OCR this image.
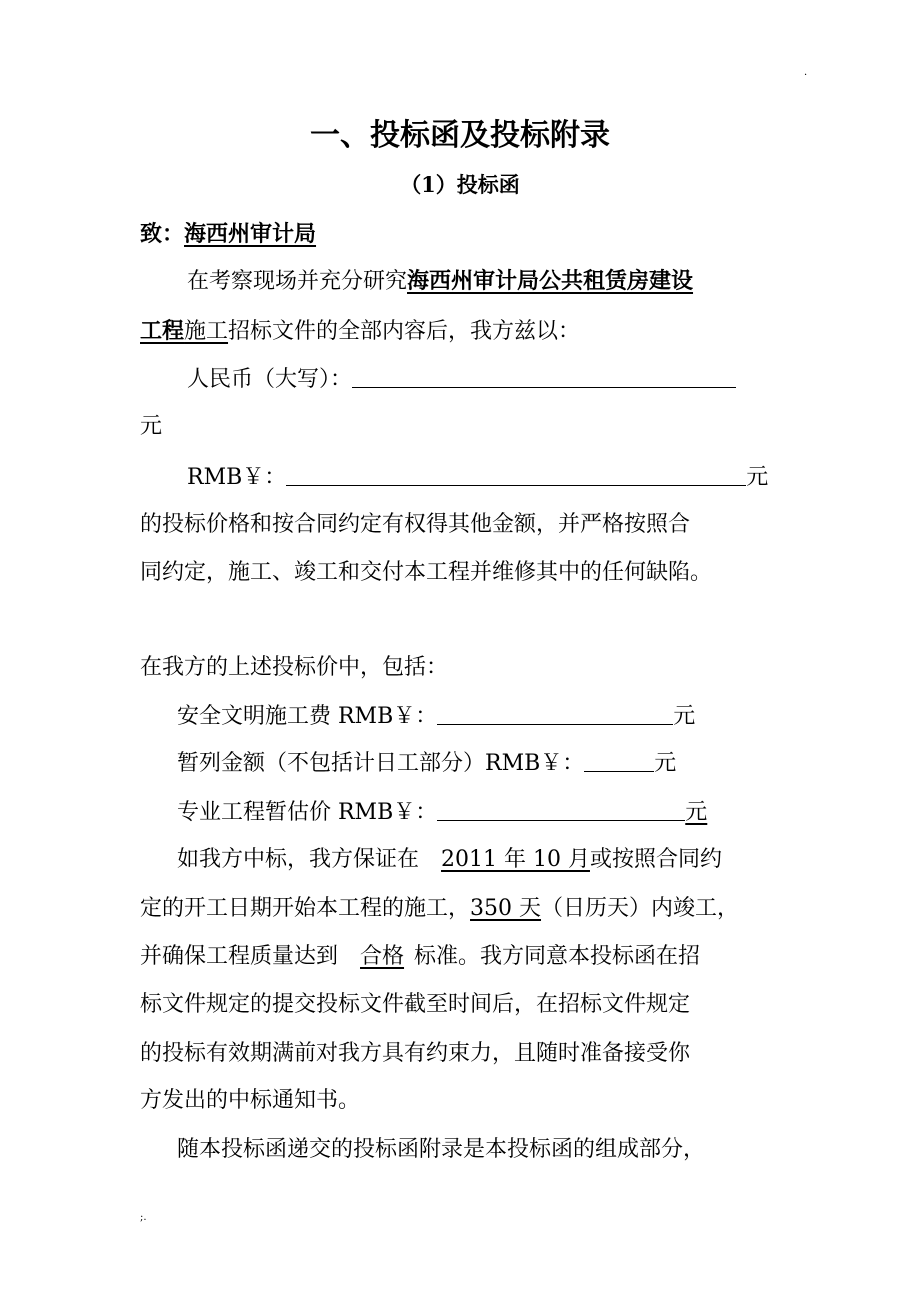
·
一、投标函及投标附录
（1）投标函
致：海西州审计局
在考察现场并充分研究海西州审计局公共租赁房建设
工程施工招标文件的全部内容后，我方兹以：
人民币（大写）：
元
RMB￥：	元
的投标价格和按合同约定有权得其他金额，并严格按照合
同约定，施工、竣工和交付本工程并维修其中的任何缺陷。
在我方的上述投标价中，包括：
安全文明施工费 RMB￥：	元
暂列金额（不包括计日工部分）RMB￥：	元
专业工程暂估价 RMB￥：	元
如我方中标，我方保证在 2011 年 10 月或按照合同约
定的开工日期开始本工程的施工，350 天（日历天）内竣工，
并确保工程质量达到 合格 标准。我方同意本投标函在招
标文件规定的提交投标文件截至时间后，在招标文件规定
的投标有效期满前对我方具有约束力，且随时准备接受你
方发出的中标通知书。
随本投标函递交的投标函附录是本投标函的组成部分，
;.
